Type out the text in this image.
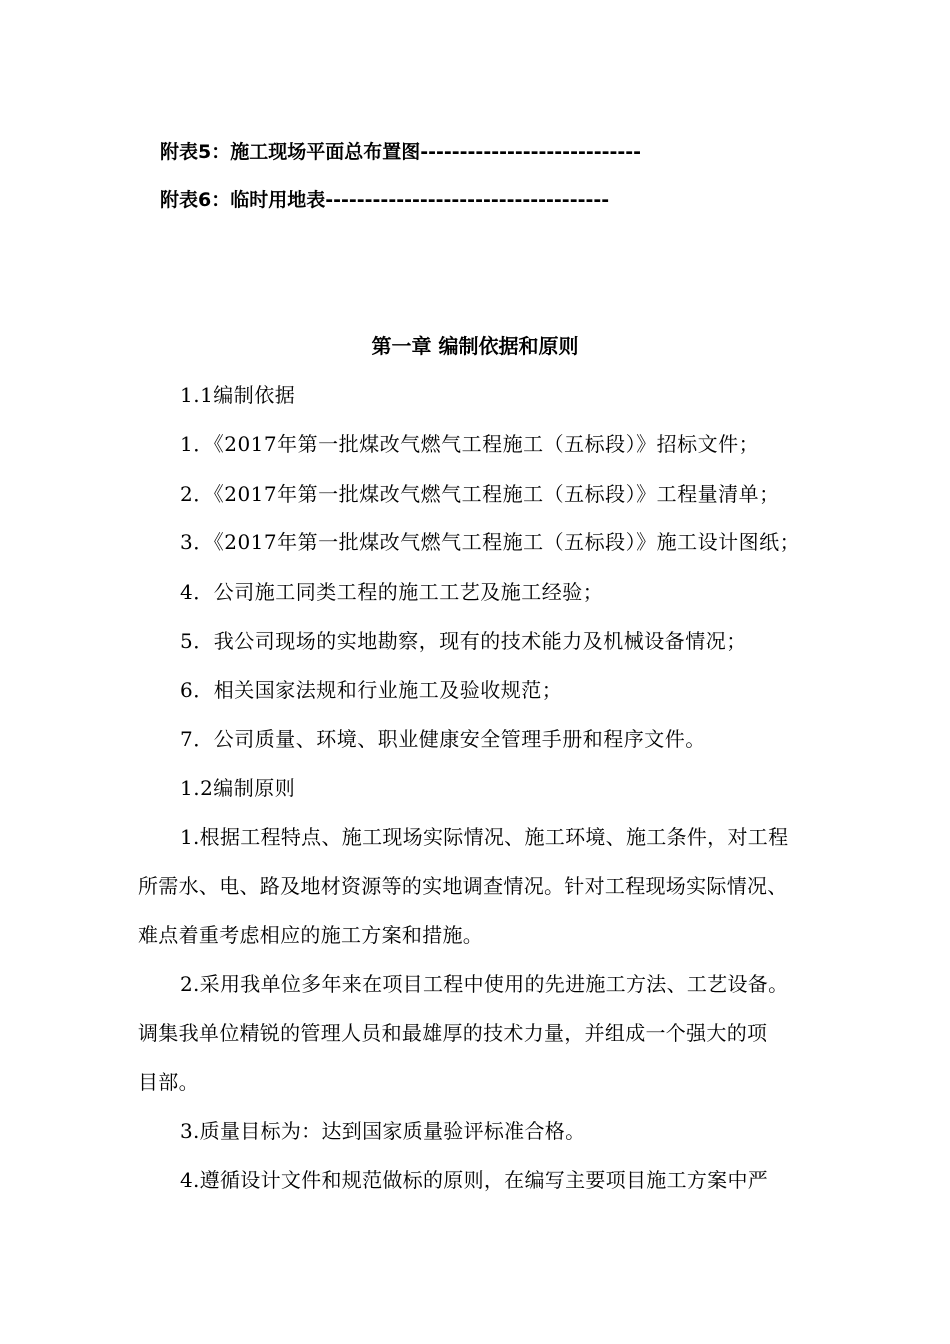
附表5：施工现场平面总布置图----------------------------
附表6：临时用地表------------------------------------
第一章 编制依据和原则
1.1编制依据
1．《2017年第一批煤改气燃气工程施工（五标段）》招标文件；
2．《2017年第一批煤改气燃气工程施工（五标段）》工程量清单；
3．《2017年第一批煤改气燃气工程施工（五标段）》施工设计图纸；
4．公司施工同类工程的施工工艺及施工经验；
5．我公司现场的实地勘察，现有的技术能力及机械设备情况；
6．相关国家法规和行业施工及验收规范；
7．公司质量、环境、职业健康安全管理手册和程序文件。
1.2编制原则
1.根据工程特点、施工现场实际情况、施工环境、施工条件，对工程
所需水、电、路及地材资源等的实地调查情况。针对工程现场实际情况、
难点着重考虑相应的施工方案和措施。
2.采用我单位多年来在项目工程中使用的先进施工方法、工艺设备。
调集我单位精锐的管理人员和最雄厚的技术力量，并组成一个强大的项
目部。
3.质量目标为：达到国家质量验评标准合格。
4.遵循设计文件和规范做标的原则，在编写主要项目施工方案中严
